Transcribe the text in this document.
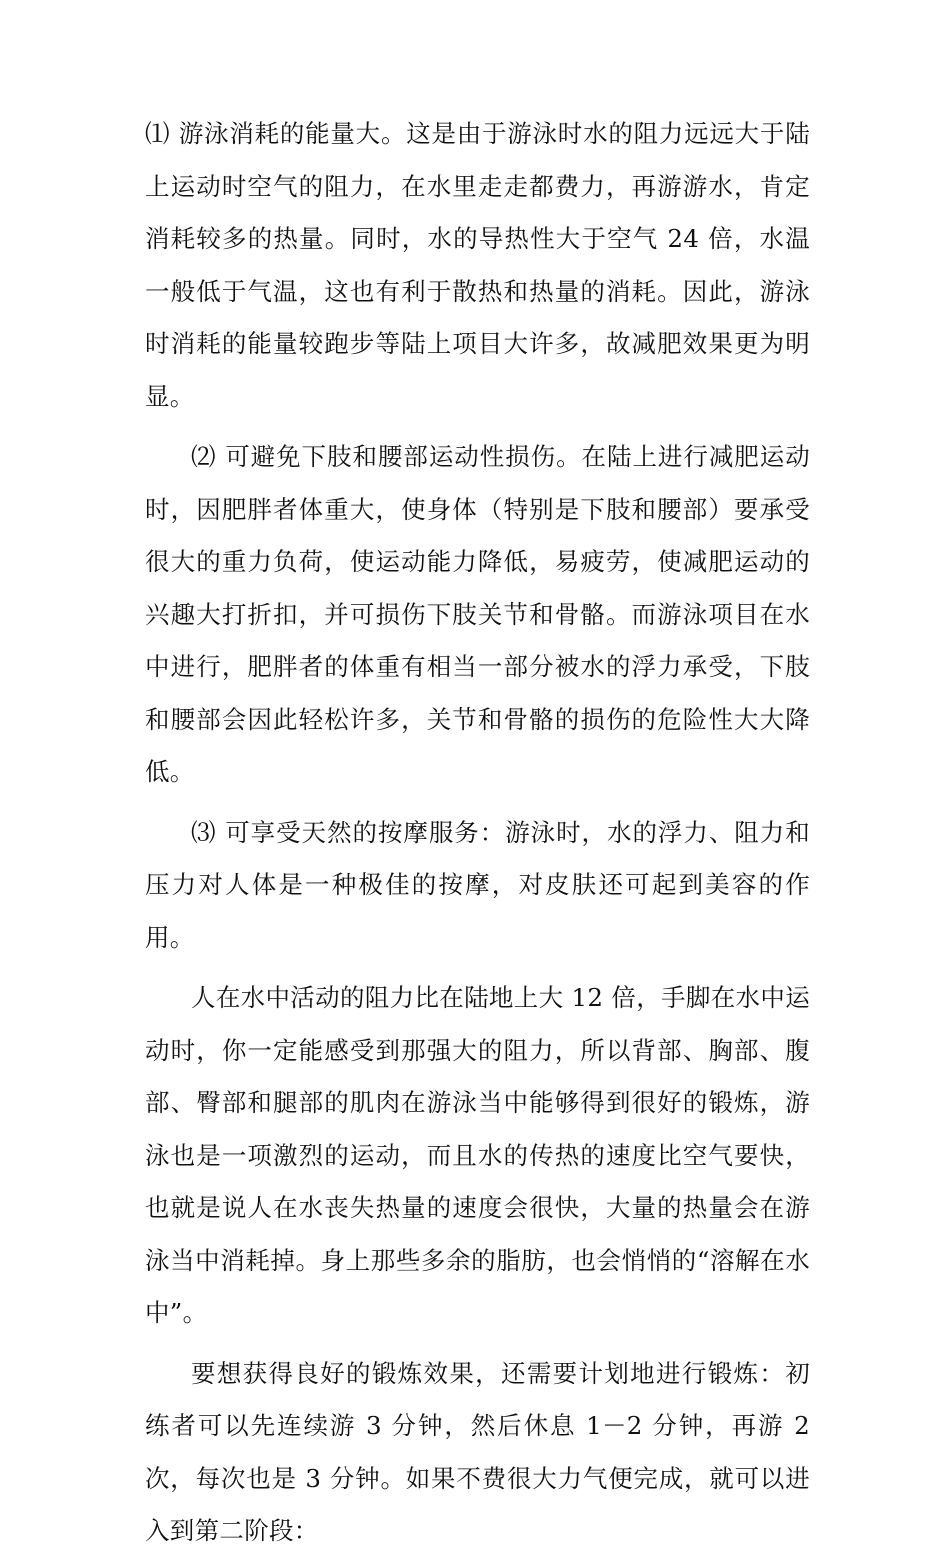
⑴ 游泳消耗的能量大。这是由于游泳时水的阻力远远大于陆上运动时空气的阻力，在水里走走都费力，再游游水，肯定消耗较多的热量。同时，水的导热性大于空气 24 倍，水温一般低于气温，这也有利于散热和热量的消耗。因此，游泳时消耗的能量较跑步等陆上项目大许多，故减肥效果更为明显。

⑵ 可避免下肢和腰部运动性损伤。在陆上进行减肥运动时，因肥胖者体重大，使身体（特别是下肢和腰部）要承受很大的重力负荷，使运动能力降低，易疲劳，使减肥运动的兴趣大打折扣，并可损伤下肢关节和骨骼。而游泳项目在水中进行，肥胖者的体重有相当一部分被水的浮力承受，下肢和腰部会因此轻松许多，关节和骨骼的损伤的危险性大大降低。

⑶ 可享受天然的按摩服务：游泳时，水的浮力、阻力和压力对人体是一种极佳的按摩，对皮肤还可起到美容的作用。

人在水中活动的阻力比在陆地上大 12 倍，手脚在水中运动时，你一定能感受到那强大的阻力，所以背部、胸部、腹部、臀部和腿部的肌肉在游泳当中能够得到很好的锻炼，游泳也是一项激烈的运动，而且水的传热的速度比空气要快，也就是说人在水丧失热量的速度会很快，大量的热量会在游泳当中消耗掉。身上那些多余的脂肪，也会悄悄的“溶解在水中”。

要想获得良好的锻炼效果，还需要计划地进行锻炼：初练者可以先连续游 3 分钟，然后休息 1－2 分钟，再游 2 次，每次也是 3 分钟。如果不费很大力气便完成，就可以进入到第二阶段：
